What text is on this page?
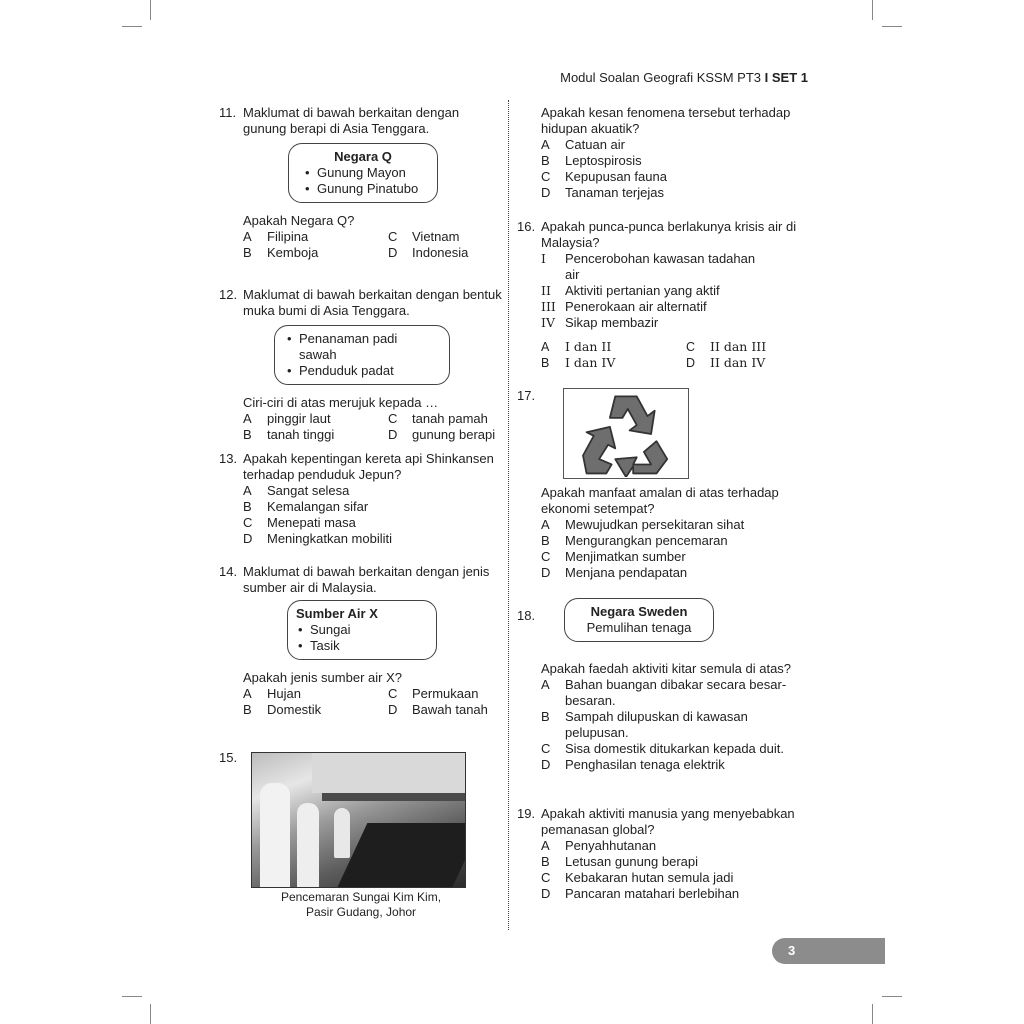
Modul Soalan Geografi KSSM PT3 I SET 1
11. Maklumat di bawah berkaitan dengan gunung berapi di Asia Tenggara.
Negara Q
• Gunung Mayon
• Gunung Pinatubo
Apakah Negara Q?
A Filipina	C Vietnam
B Kemboja	D Indonesia
12. Maklumat di bawah berkaitan dengan bentuk muka bumi di Asia Tenggara.
• Penanaman padi sawah
• Penduduk padat
Ciri-ciri di atas merujuk kepada …
A pinggir laut	C tanah pamah
B tanah tinggi	D gunung berapi
13. Apakah kepentingan kereta api Shinkansen terhadap penduduk Jepun?
A Sangat selesa
B Kemalangan sifar
C Menepati masa
D Meningkatkan mobiliti
14. Maklumat di bawah berkaitan dengan jenis sumber air di Malaysia.
Sumber Air X
• Sungai
• Tasik
Apakah jenis sumber air X?
A Hujan	C Permukaan
B Domestik	D Bawah tanah
15.
Pencemaran Sungai Kim Kim,
Pasir Gudang, Johor
Apakah kesan fenomena tersebut terhadap hidupan akuatik?
A Catuan air
B Leptospirosis
C Kepupusan fauna
D Tanaman terjejas
16. Apakah punca-punca berlakunya krisis air di Malaysia?
I Pencerobohan kawasan tadahan air
II Aktiviti pertanian yang aktif
III Penerokaan air alternatif
IV Sikap membazir
A I dan II	C II dan III
B I dan IV	D II dan IV
17.
Apakah manfaat amalan di atas terhadap ekonomi setempat?
A Mewujudkan persekitaran sihat
B Mengurangkan pencemaran
C Menjimatkan sumber
D Menjana pendapatan
18.	Negara Sweden
Pemulihan tenaga
Apakah faedah aktiviti kitar semula di atas?
A Bahan buangan dibakar secara besar-besaran.
B Sampah dilupuskan di kawasan pelupusan.
C Sisa domestik ditukarkan kepada duit.
D Penghasilan tenaga elektrik
19. Apakah aktiviti manusia yang menyebabkan pemanasan global?
A Penyahhutanan
B Letusan gunung berapi
C Kebakaran hutan semula jadi
D Pancaran matahari berlebihan
3
